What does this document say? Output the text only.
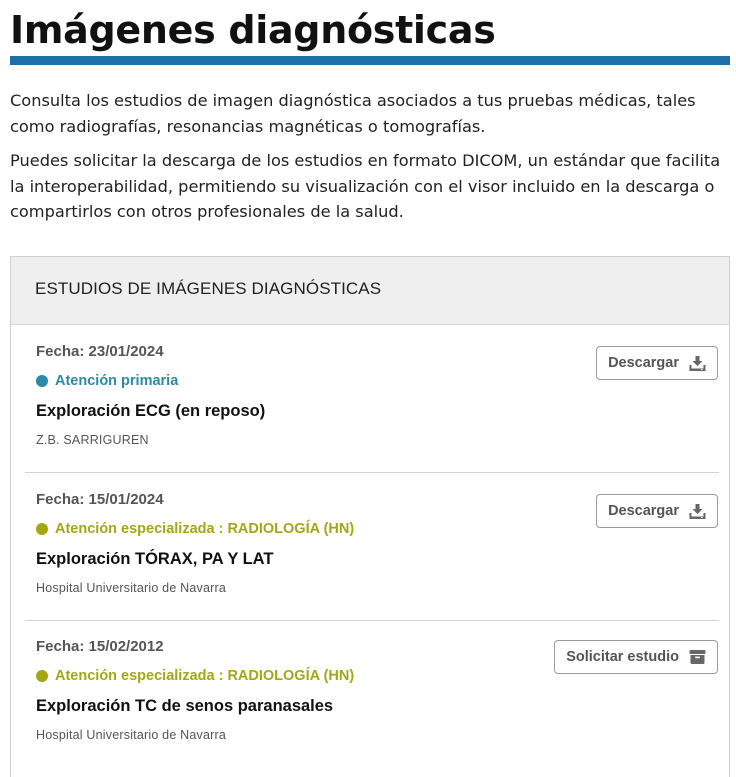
Imágenes diagnósticas

Consulta los estudios de imagen diagnóstica asociados a tus pruebas médicas, tales como radiografías, resonancias magnéticas o tomografías.

Puedes solicitar la descarga de los estudios en formato DICOM, un estándar que facilita la interoperabilidad, permitiendo su visualización con el visor incluido en la descarga o compartirlos con otros profesionales de la salud.

ESTUDIOS DE IMÁGENES DIAGNÓSTICAS
Fecha: 23/01/2024
Atención primaria
Exploración ECG (en reposo)
Z.B. SARRIGUREN
Descargar
Fecha: 15/01/2024
Atención especializada : RADIOLOGÍA (HN)
Exploración TÓRAX, PA Y LAT
Hospital Universitario de Navarra
Descargar
Fecha: 15/02/2012
Atención especializada : RADIOLOGÍA (HN)
Exploración TC de senos paranasales
Hospital Universitario de Navarra
Solicitar estudio
